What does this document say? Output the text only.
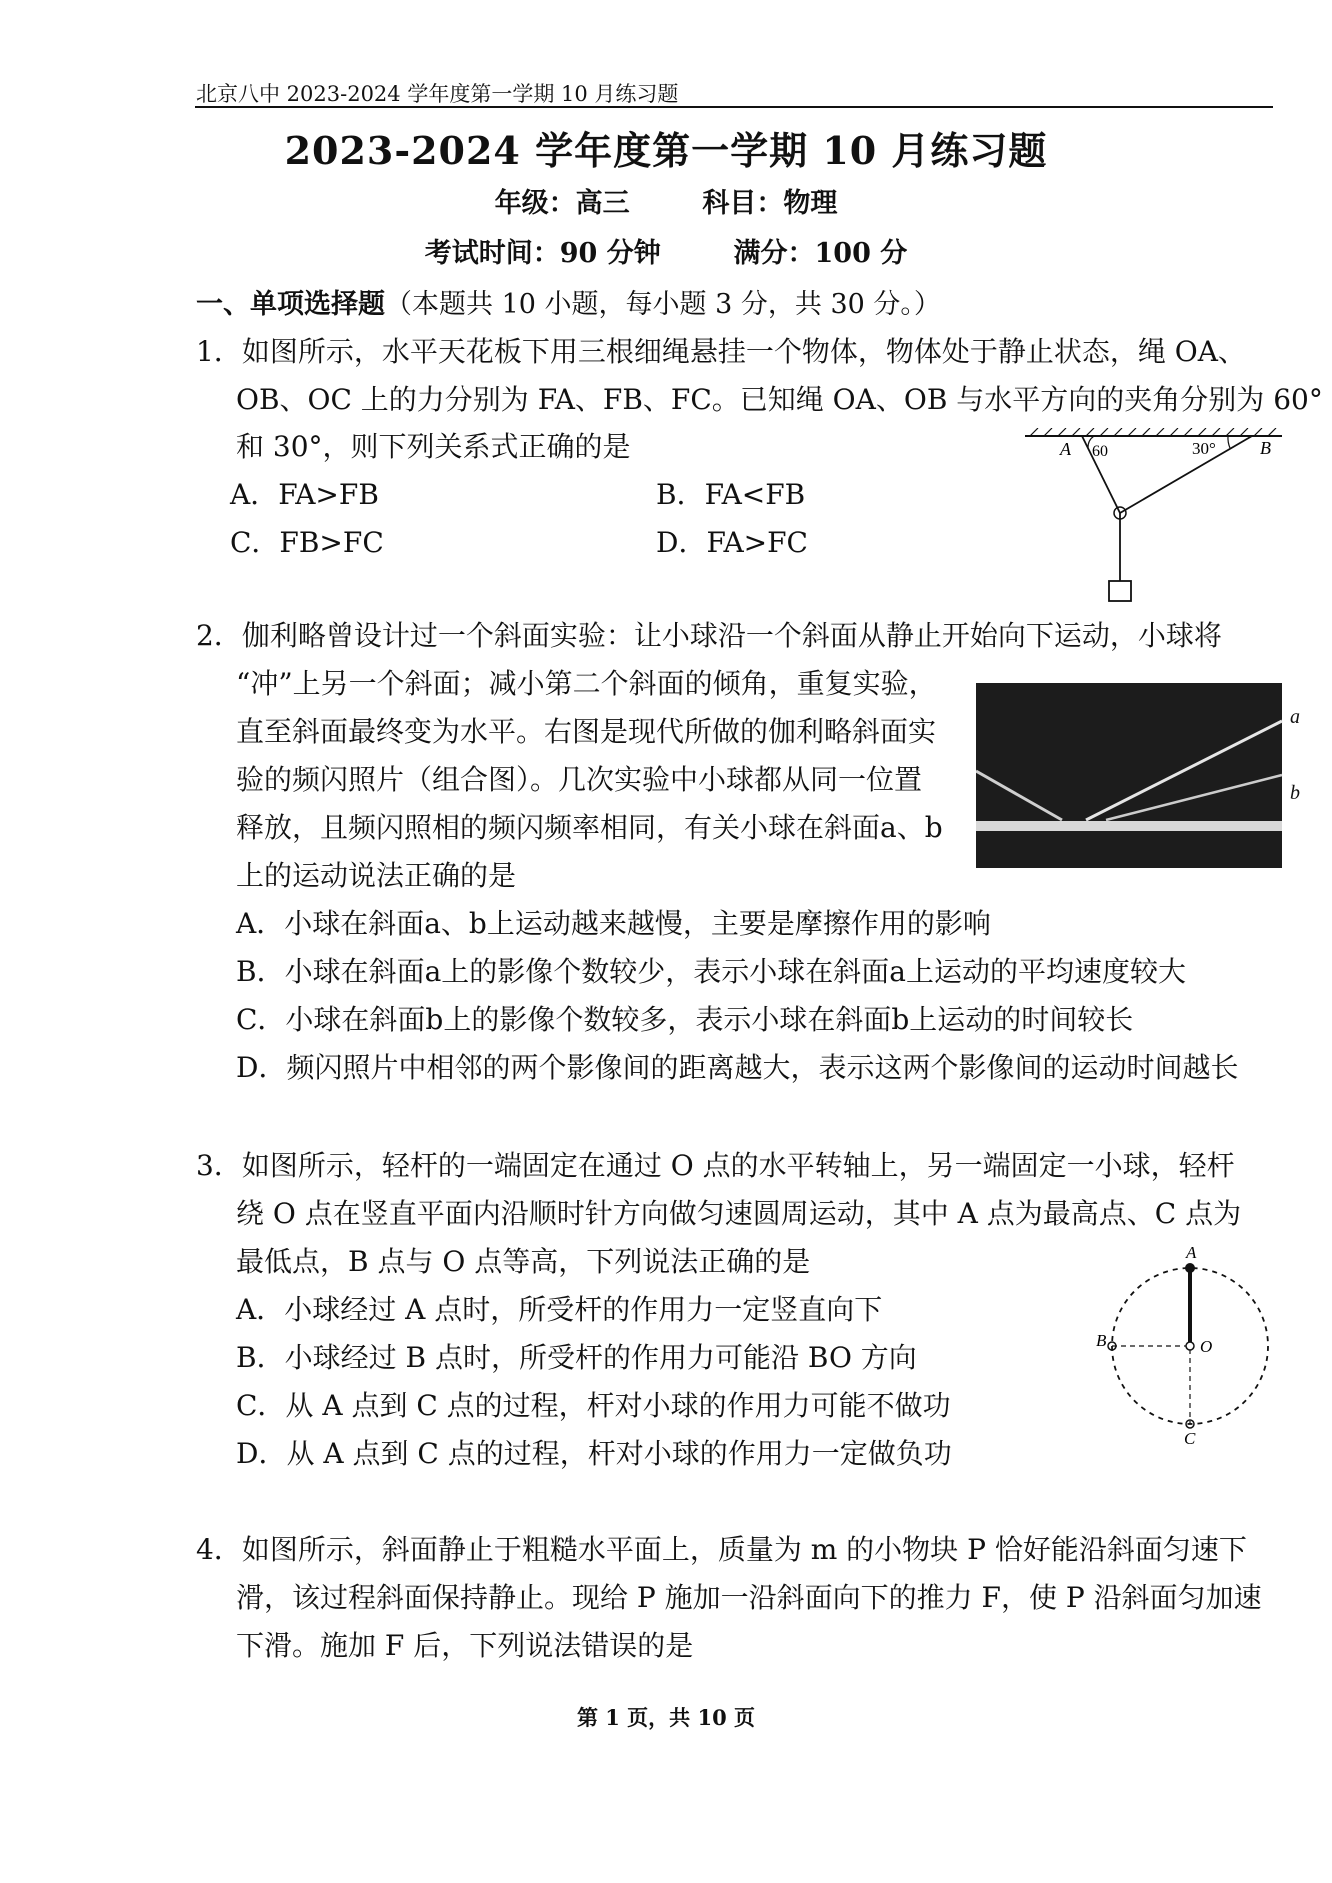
北京八中 2023-2024 学年度第一学期 10 月练习题
2023-2024 学年度第一学期 10 月练习题
年级：高三	科目：物理
考试时间：90 分钟	满分：100 分
一、单项选择题（本题共 10 小题，每小题 3 分，共 30 分。）
1．如图所示，水平天花板下用三根细绳悬挂一个物体，物体处于静止状态，绳 OA、
OB、OC 上的力分别为 FA、FB、FC。已知绳 OA、OB 与水平方向的夹角分别为 60°
和 30°，则下列关系式正确的是
A．FA>FB	B．FA<FB
C．FB>FC	D．FA>FC
A 60	30° B
2．伽利略曾设计过一个斜面实验：让小球沿一个斜面从静止开始向下运动，小球将
“冲”上另一个斜面；减小第二个斜面的倾角，重复实验，
直至斜面最终变为水平。右图是现代所做的伽利略斜面实
验的频闪照片（组合图）。几次实验中小球都从同一位置
释放，且频闪照相的频闪频率相同，有关小球在斜面a、b
上的运动说法正确的是
a
b
A．小球在斜面a、b上运动越来越慢，主要是摩擦作用的影响
B．小球在斜面a上的影像个数较少，表示小球在斜面a上运动的平均速度较大
C．小球在斜面b上的影像个数较多，表示小球在斜面b上运动的时间较长
D．频闪照片中相邻的两个影像间的距离越大，表示这两个影像间的运动时间越长
3．如图所示，轻杆的一端固定在通过 O 点的水平转轴上，另一端固定一小球，轻杆
绕 O 点在竖直平面内沿顺时针方向做匀速圆周运动，其中 A 点为最高点、C 点为
最低点，B 点与 O 点等高，下列说法正确的是
A．小球经过 A 点时，所受杆的作用力一定竖直向下
B．小球经过 B 点时，所受杆的作用力可能沿 BO 方向
C．从 A 点到 C 点的过程，杆对小球的作用力可能不做功
D．从 A 点到 C 点的过程，杆对小球的作用力一定做负功
A
B
C
O
4．如图所示，斜面静止于粗糙水平面上，质量为 m 的小物块 P 恰好能沿斜面匀速下
滑，该过程斜面保持静止。现给 P 施加一沿斜面向下的推力 F，使 P 沿斜面匀加速
下滑。施加 F 后，下列说法错误的是
第 1 页，共 10 页
